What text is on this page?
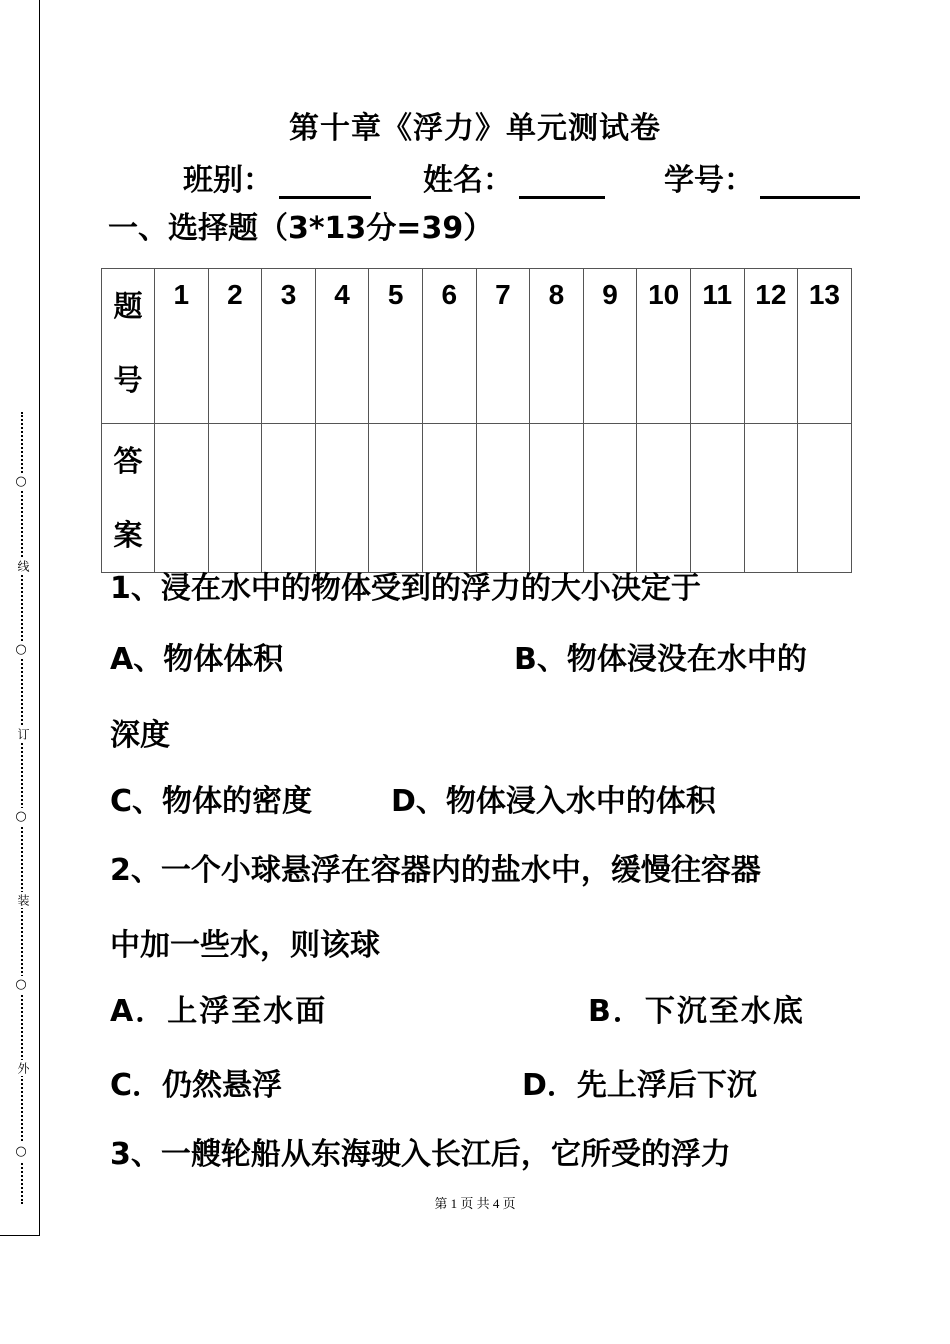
○
线
○
订
○
装
○
外
○
第十章《浮力》单元测试卷
班别：	姓名：	学号：
一、选择题（3*13分=39）
题
号	1	2	3	4	5	6	7	8	9	10	11	12	13

答
案													

1、浸在水中的物体受到的浮力的大小决定于
A、物体体积	B、物体浸没在水中的
深度
C、物体的密度	D、物体浸入水中的体积
2、一个小球悬浮在容器内的盐水中，缓慢往容器
中加一些水，则该球
A．上浮至水面	B．下沉至水底
C．仍然悬浮	D．先上浮后下沉
3、一艘轮船从东海驶入长江后，它所受的浮力
第 1 页 共 4 页
